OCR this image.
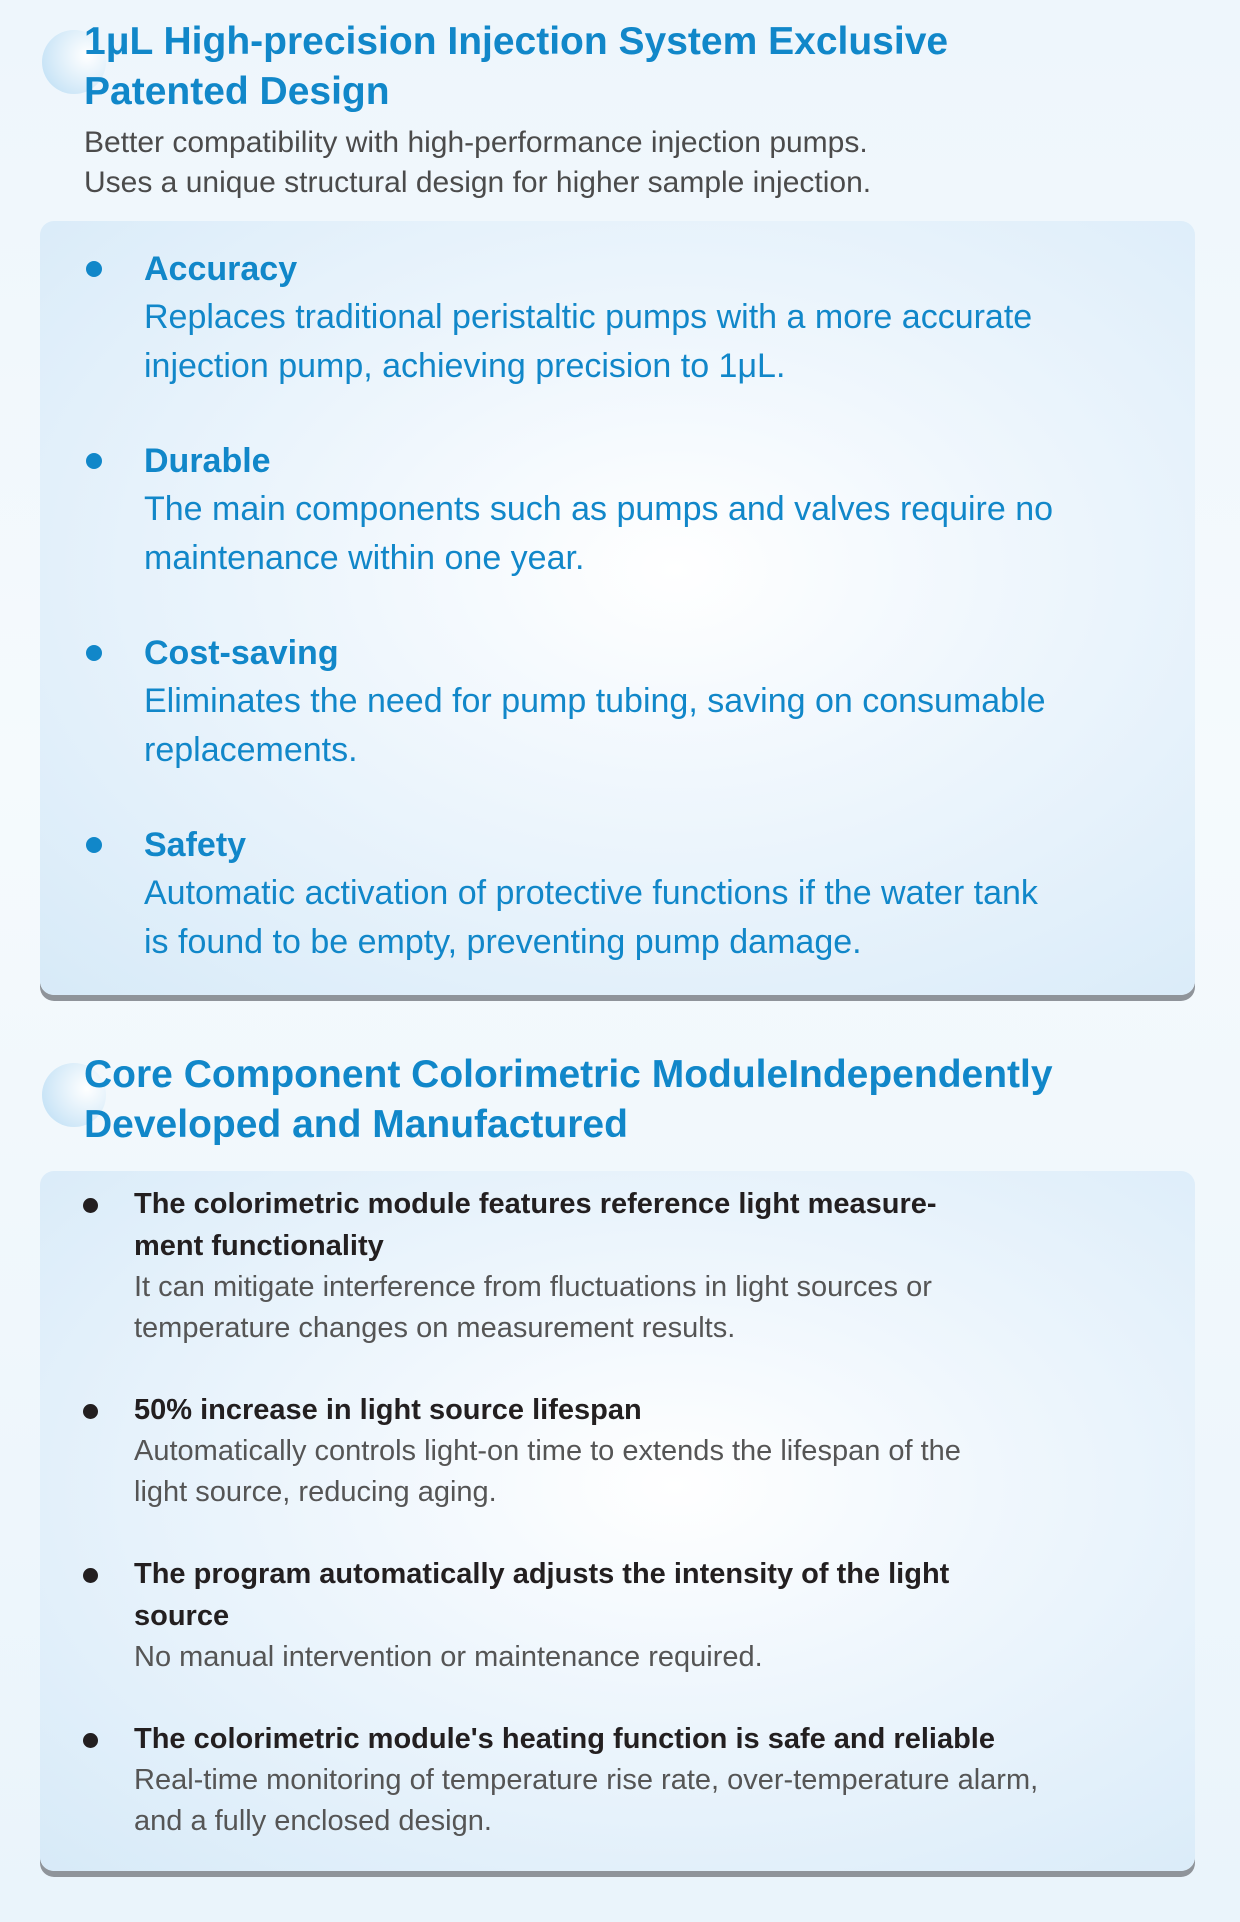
1μL High-precision Injection System Exclusive
Patented Design

Better compatibility with high-performance injection pumps.
Uses a unique structural design for higher sample injection.

Accuracy

Replaces traditional peristaltic pumps with a more accurate
injection pump, achieving precision to 1μL.

Durable

The main components such as pumps and valves require no
maintenance within one year.

Cost-saving

Eliminates the need for pump tubing, saving on consumable
replacements.

Safety

Automatic activation of protective functions if the water tank
is found to be empty, preventing pump damage.

Core Component Colorimetric ModuleIndependently
Developed and Manufactured

The colorimetric module features reference light measure-
ment functionality

It can mitigate interference from fluctuations in light sources or
temperature changes on measurement results.

50% increase in light source lifespan

Automatically controls light-on time to extends the lifespan of the
light source, reducing aging.

The program automatically adjusts the intensity of the light
source

No manual intervention or maintenance required.

The colorimetric module's heating function is safe and reliable

Real-time monitoring of temperature rise rate, over-temperature alarm,
and a fully enclosed design.
